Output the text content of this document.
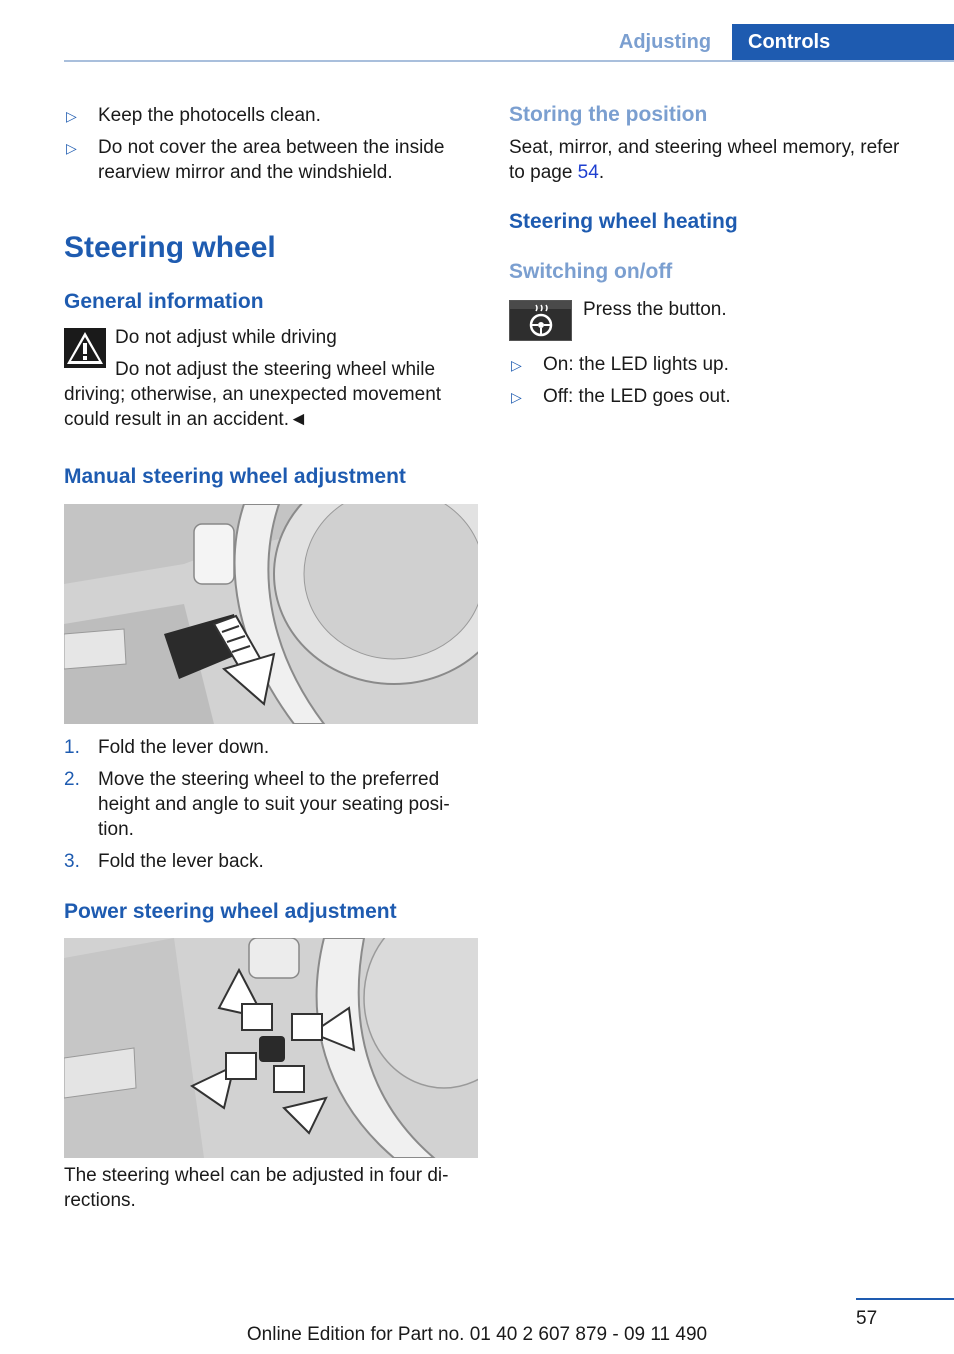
Adjusting	Controls
▷ Keep the photocells clean.
▷ Do not cover the area between the inside
rearview mirror and the windshield.
Steering wheel
General information
Do not adjust while driving
Do not adjust the steering wheel while
driving; otherwise, an unexpected movement
could result in an accident.◄
Manual steering wheel adjustment
1. Fold the lever down.
2. Move the steering wheel to the preferred
height and angle to suit your seating posi-
tion.
3. Fold the lever back.
Power steering wheel adjustment
The steering wheel can be adjusted in four di-
rections.
Storing the position
Seat, mirror, and steering wheel memory, refer
to page 54.
Steering wheel heating
Switching on/off
Press the button.
▷ On: the LED lights up.
▷ Off: the LED goes out.
57
Online Edition for Part no. 01 40 2 607 879 - 09 11 490
